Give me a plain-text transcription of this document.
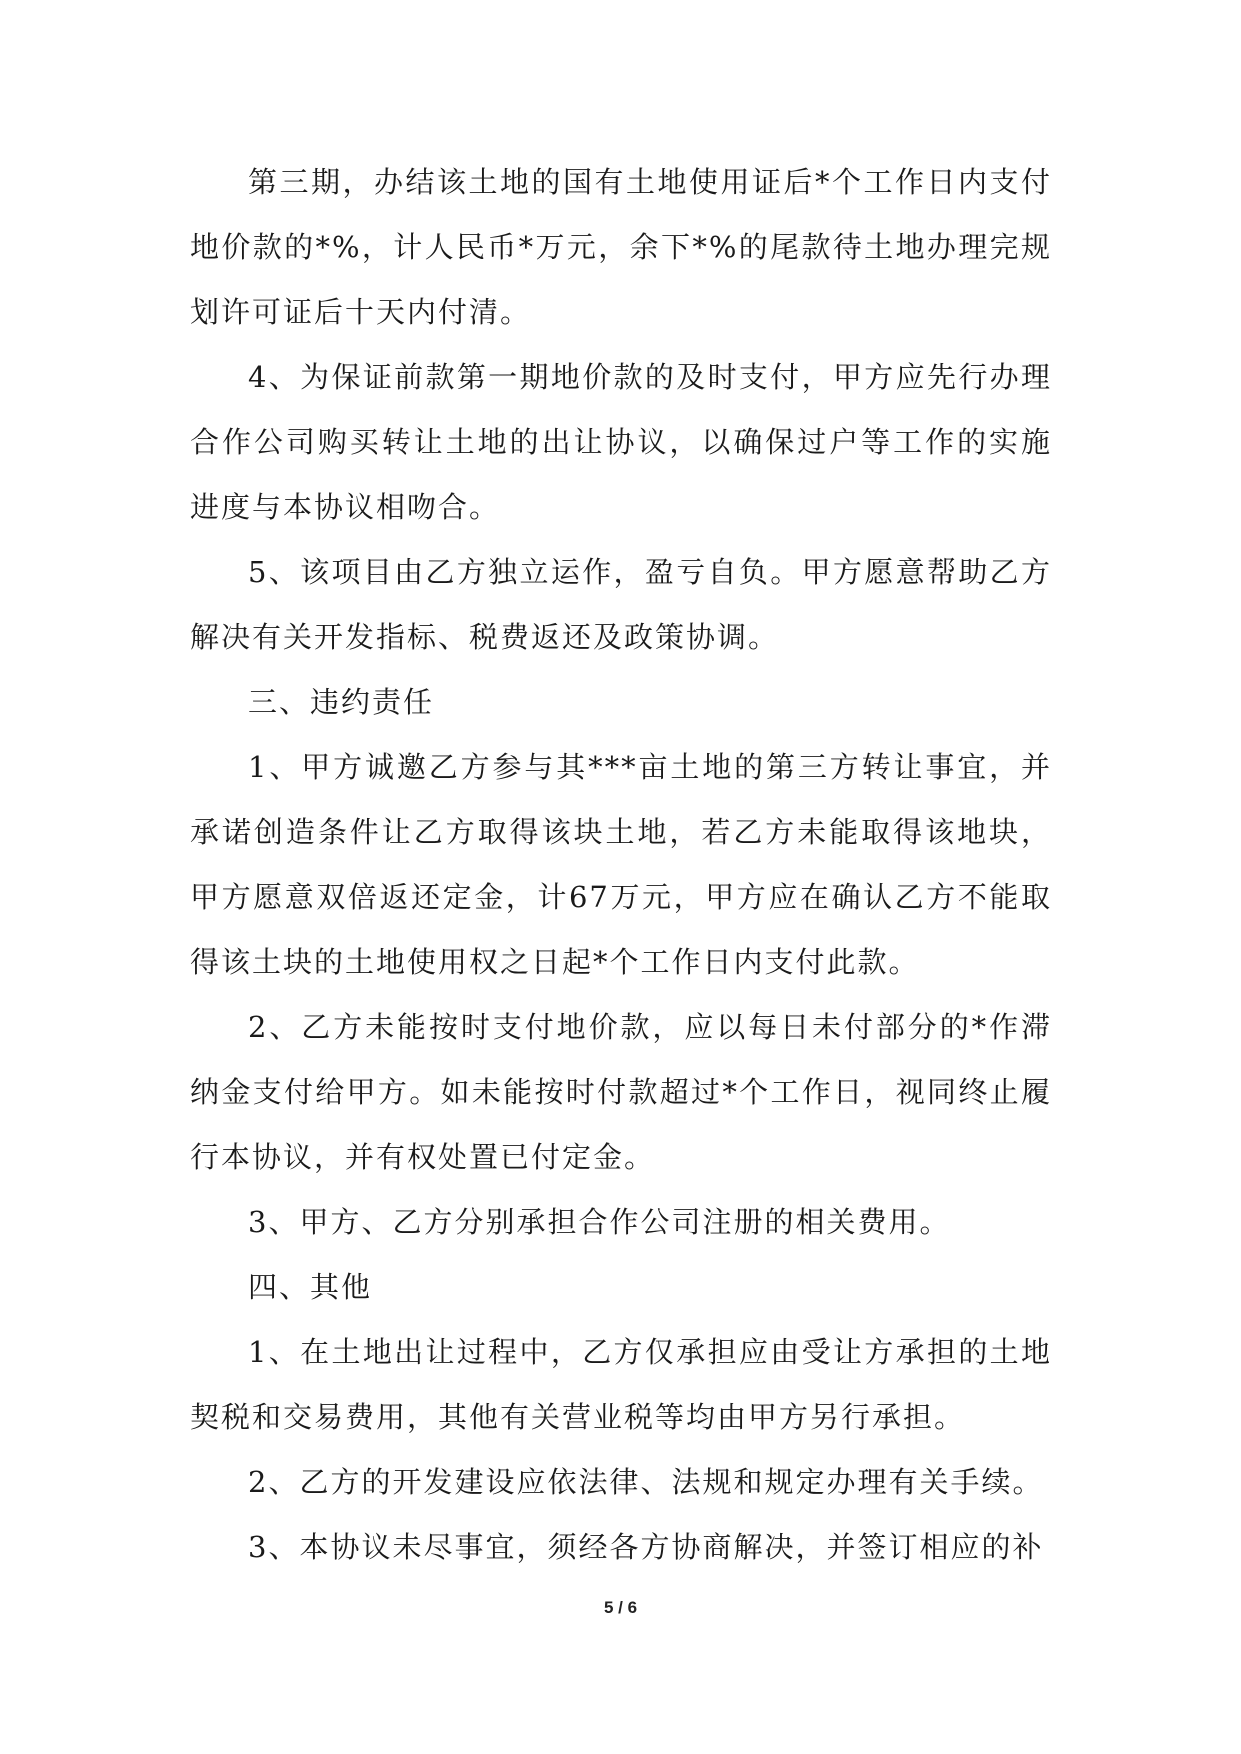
第三期，办结该土地的国有土地使用证后*个工作日内支付地价款的*%，计人民币*万元，余下*%的尾款待土地办理完规划许可证后十天内付清。

4、为保证前款第一期地价款的及时支付，甲方应先行办理合作公司购买转让土地的出让协议，以确保过户等工作的实施进度与本协议相吻合。

5、该项目由乙方独立运作，盈亏自负。甲方愿意帮助乙方解决有关开发指标、税费返还及政策协调。

三、违约责任

1、甲方诚邀乙方参与其***亩土地的第三方转让事宜，并承诺创造条件让乙方取得该块土地，若乙方未能取得该地块，甲方愿意双倍返还定金，计67万元，甲方应在确认乙方不能取得该土块的土地使用权之日起*个工作日内支付此款。

2、乙方未能按时支付地价款，应以每日未付部分的*作滞纳金支付给甲方。如未能按时付款超过*个工作日，视同终止履行本协议，并有权处置已付定金。

3、甲方、乙方分别承担合作公司注册的相关费用。

四、其他

1、在土地出让过程中，乙方仅承担应由受让方承担的土地契税和交易费用，其他有关营业税等均由甲方另行承担。

2、乙方的开发建设应依法律、法规和规定办理有关手续。

3、本协议未尽事宜，须经各方协商解决，并签订相应的补

5 / 6
